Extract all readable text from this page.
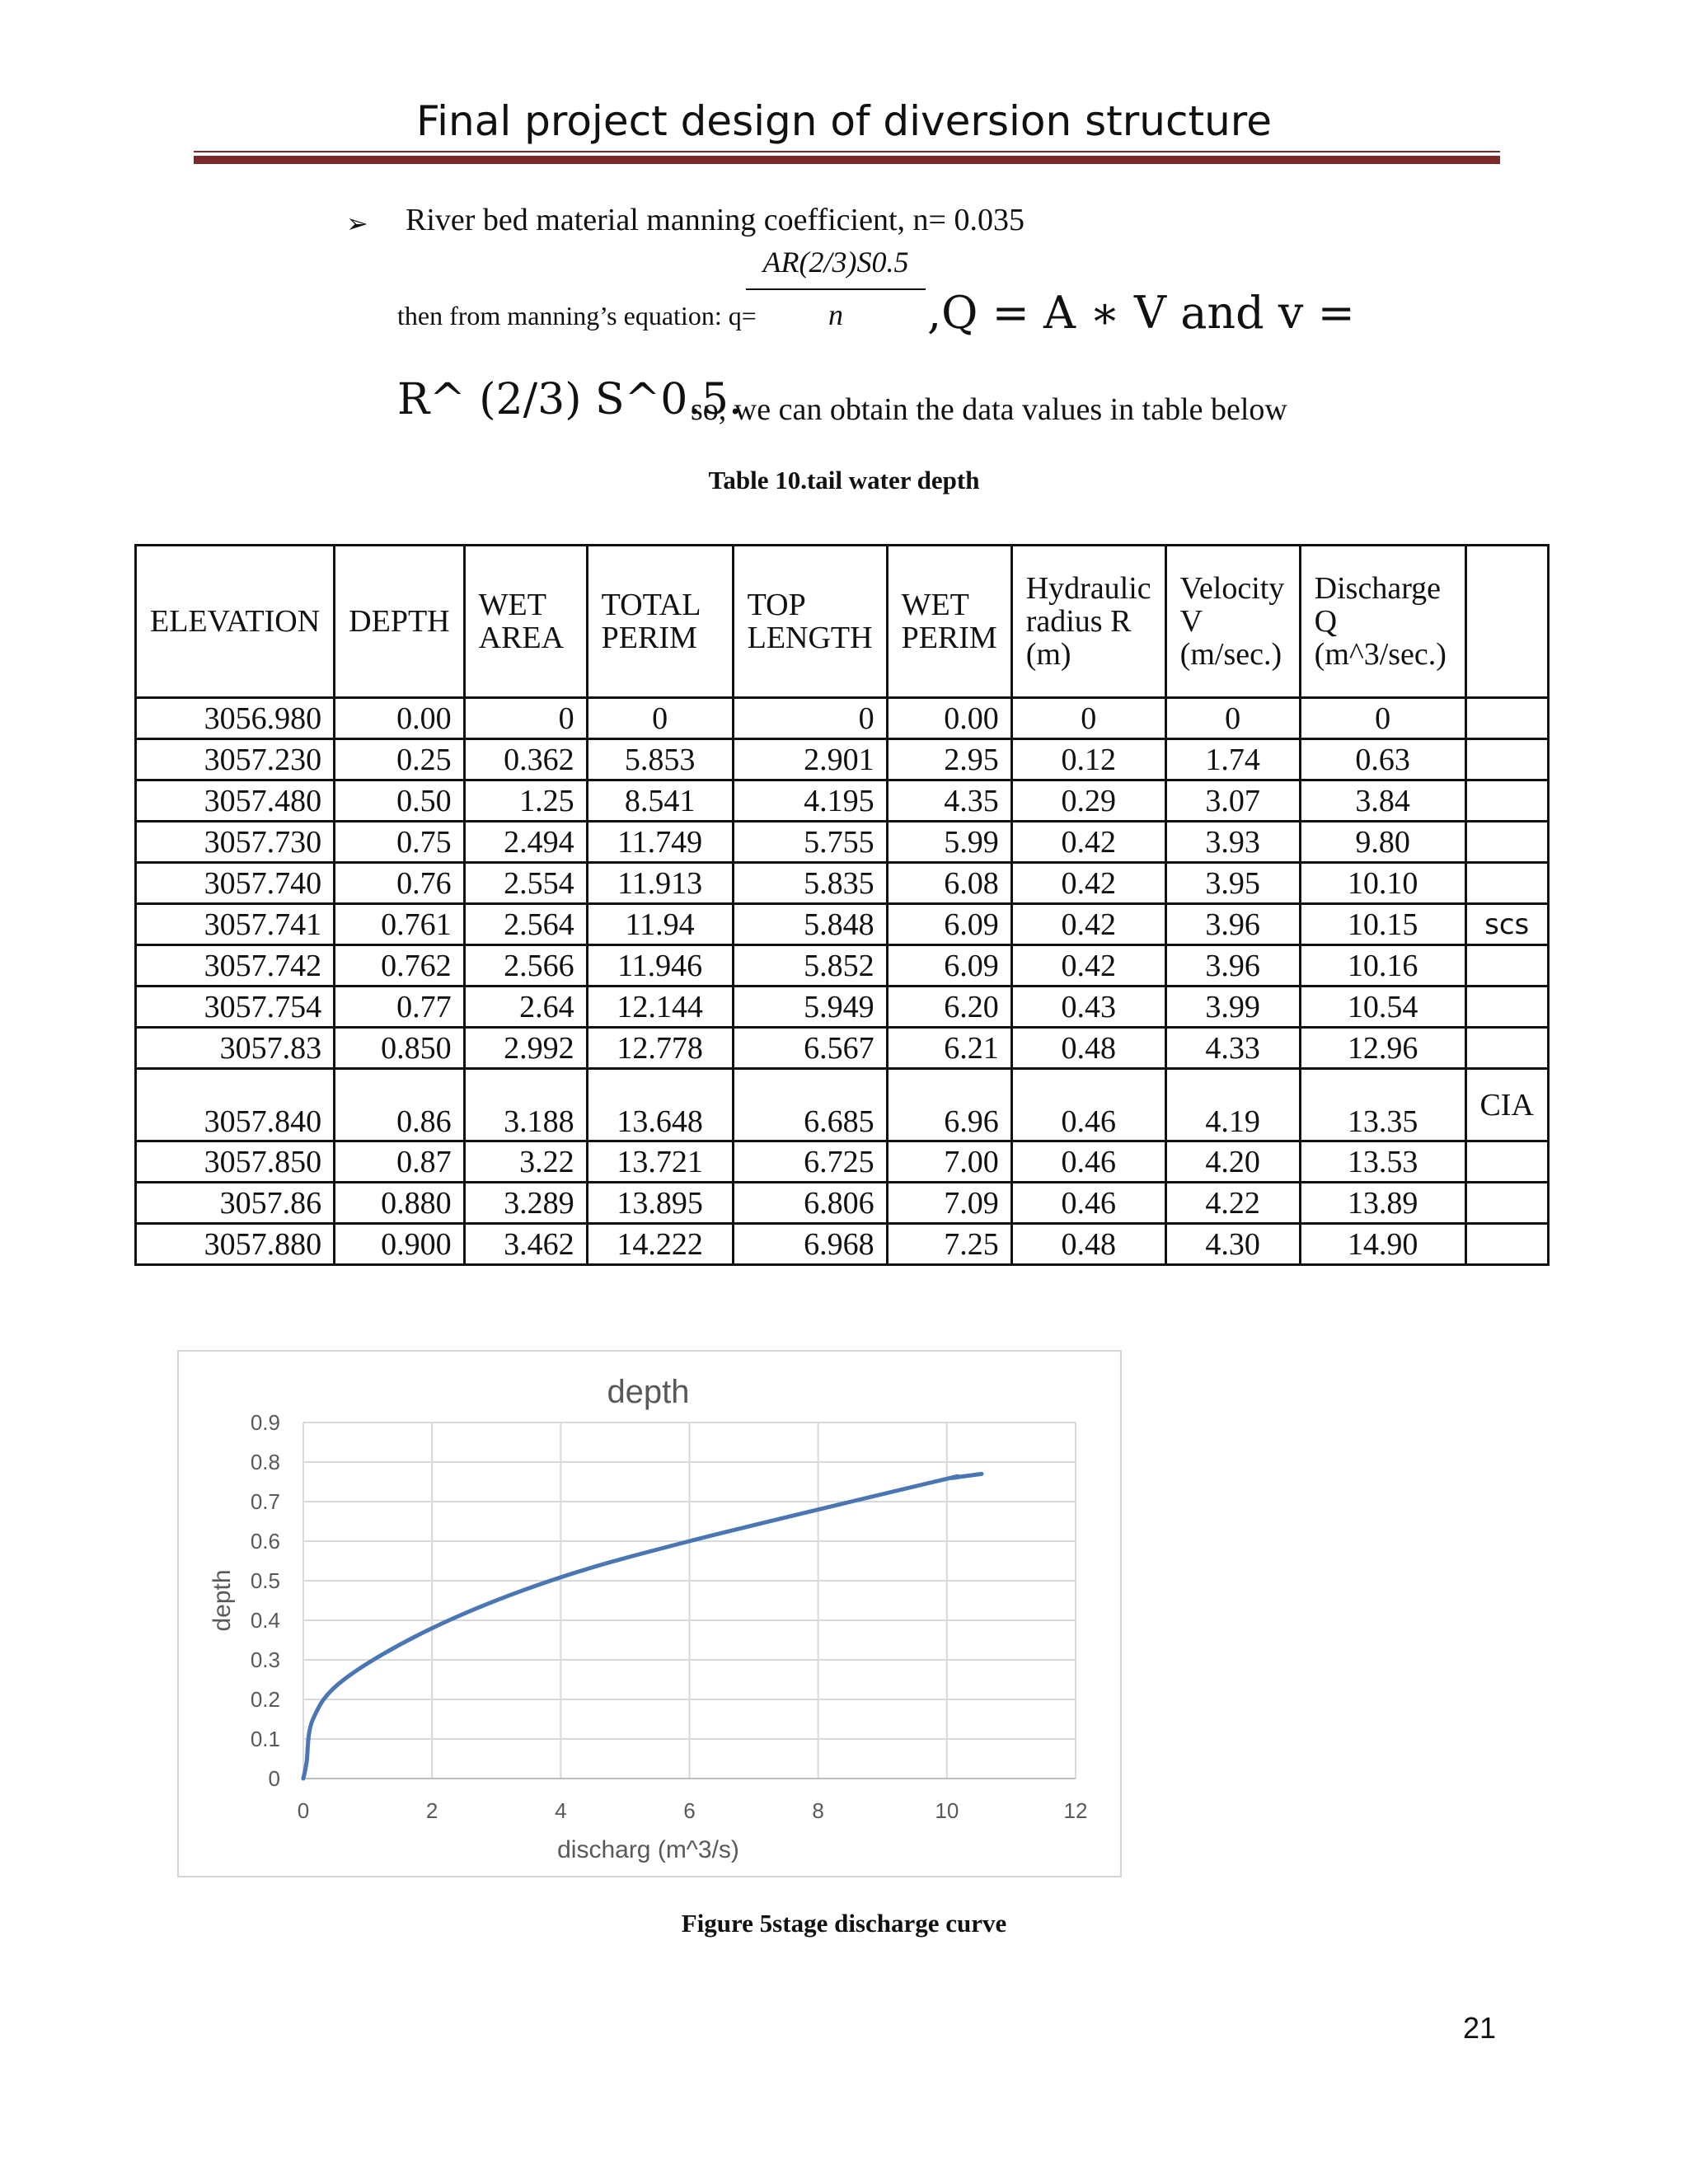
Final project design of diversion structure
➢ River bed material manning coefficient, n= 0.035
then from manning’s equation: q=
AR(2/3)S0.5
n	,Q = A ∗ V and v =
R^ (2/3) S^0.5.
so, we can obtain the data values in table below
Table 10.tail water depth
ELEVATION	DEPTH	WET AREA	TOTAL PERIM	TOP LENGTH	WET PERIM	Hydraulic radius R (m)	Velocity V (m/sec.)	Discharge Q (m^3/sec.)	
3056.980	0.00	0	0	0	0.00	0	0	0	
3057.230	0.25	0.362	5.853	2.901	2.95	0.12	1.74	0.63	
3057.480	0.50	1.25	8.541	4.195	4.35	0.29	3.07	3.84	
3057.730	0.75	2.494	11.749	5.755	5.99	0.42	3.93	9.80	
3057.740	0.76	2.554	11.913	5.835	6.08	0.42	3.95	10.10	
3057.741	0.761	2.564	11.94	5.848	6.09	0.42	3.96	10.15	scs
3057.742	0.762	2.566	11.946	5.852	6.09	0.42	3.96	10.16	
3057.754	0.77	2.64	12.144	5.949	6.20	0.43	3.99	10.54	
3057.83	0.850	2.992	12.778	6.567	6.21	0.48	4.33	12.96	
3057.840	0.86	3.188	13.648	6.685	6.96	0.46	4.19	13.35	CIA
3057.850	0.87	3.22	13.721	6.725	7.00	0.46	4.20	13.53	
3057.86	0.880	3.289	13.895	6.806	7.09	0.46	4.22	13.89	
3057.880	0.900	3.462	14.222	6.968	7.25	0.48	4.30	14.90	
0
0.1
0.2
0.3
0.4
0.5
0.6
0.7
0.8
0.9
0	2	4	6	8	10	12
depth
discharg (m^3/s)
depth
Figure 5stage discharge curve
21
